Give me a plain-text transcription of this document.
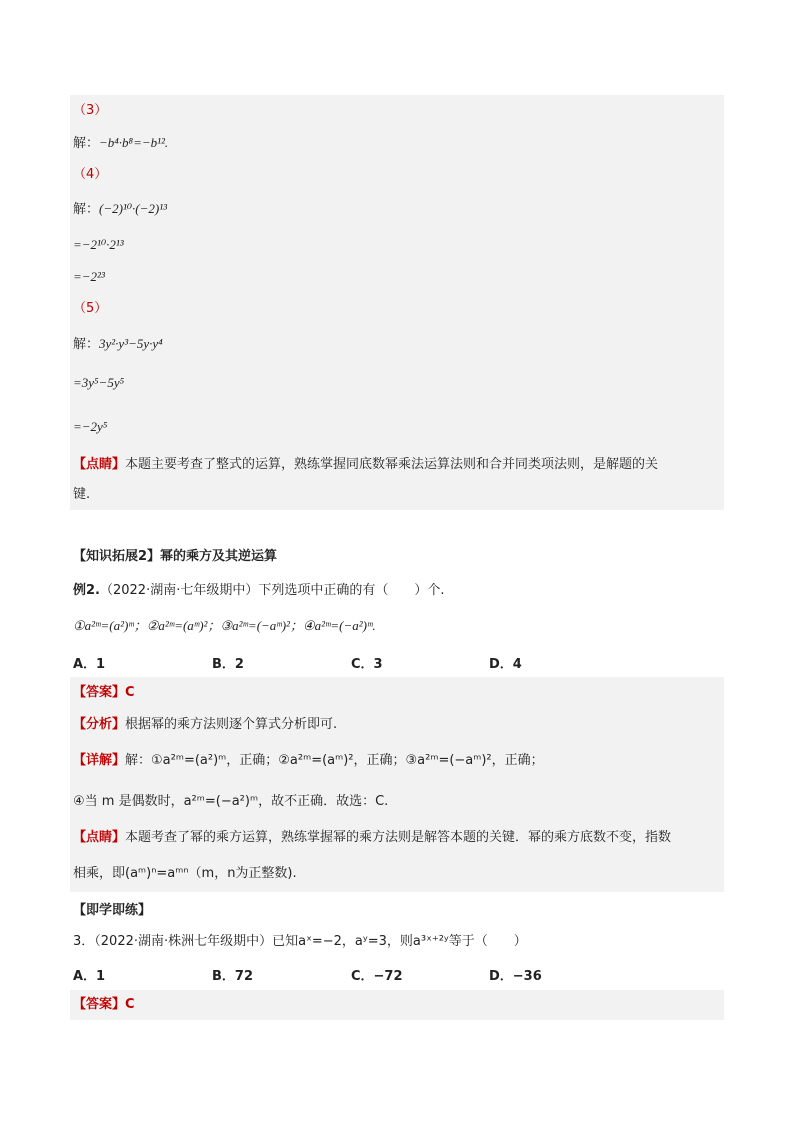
（3）
解：−b⁴·b⁸=−b¹².
（4）
解：(−2)¹⁰·(−2)¹³
=−2¹⁰·2¹³
=−2²³
（5）
解：3y²·y³−5y·y⁴
=3y⁵−5y⁵
=−2y⁵
【点睛】本题主要考查了整式的运算，熟练掌握同底数幂乘法运算法则和合并同类项法则，是解题的关
键.
【知识拓展2】幂的乘方及其逆运算
例2.（2022·湖南·七年级期中）下列选项中正确的有（　　）个.
①a²ᵐ=(a²)ᵐ；②a²ᵐ=(aᵐ)²；③a²ᵐ=(−aᵐ)²；④a²ᵐ=(−a²)ᵐ.
A．1	B．2	C．3	D．4
【答案】C
【分析】根据幂的乘方法则逐个算式分析即可.
【详解】解：①a²ᵐ=(a²)ᵐ，正确；②a²ᵐ=(aᵐ)²，正确；③a²ᵐ=(−aᵐ)²，正确；
④当 m 是偶数时，a²ᵐ=(−a²)ᵐ，故不正确．故选：C.
【点睛】本题考查了幂的乘方运算，熟练掌握幂的乘方法则是解答本题的关键．幂的乘方底数不变，指数
相乘，即(aᵐ)ⁿ=aᵐⁿ（m，n为正整数).
【即学即练】
3．（2022·湖南·株洲七年级期中）已知aˣ=−2，aʸ=3，则a³ˣ⁺²ʸ等于（　　）
A．1	B．72	C．−72	D．−36
【答案】C
